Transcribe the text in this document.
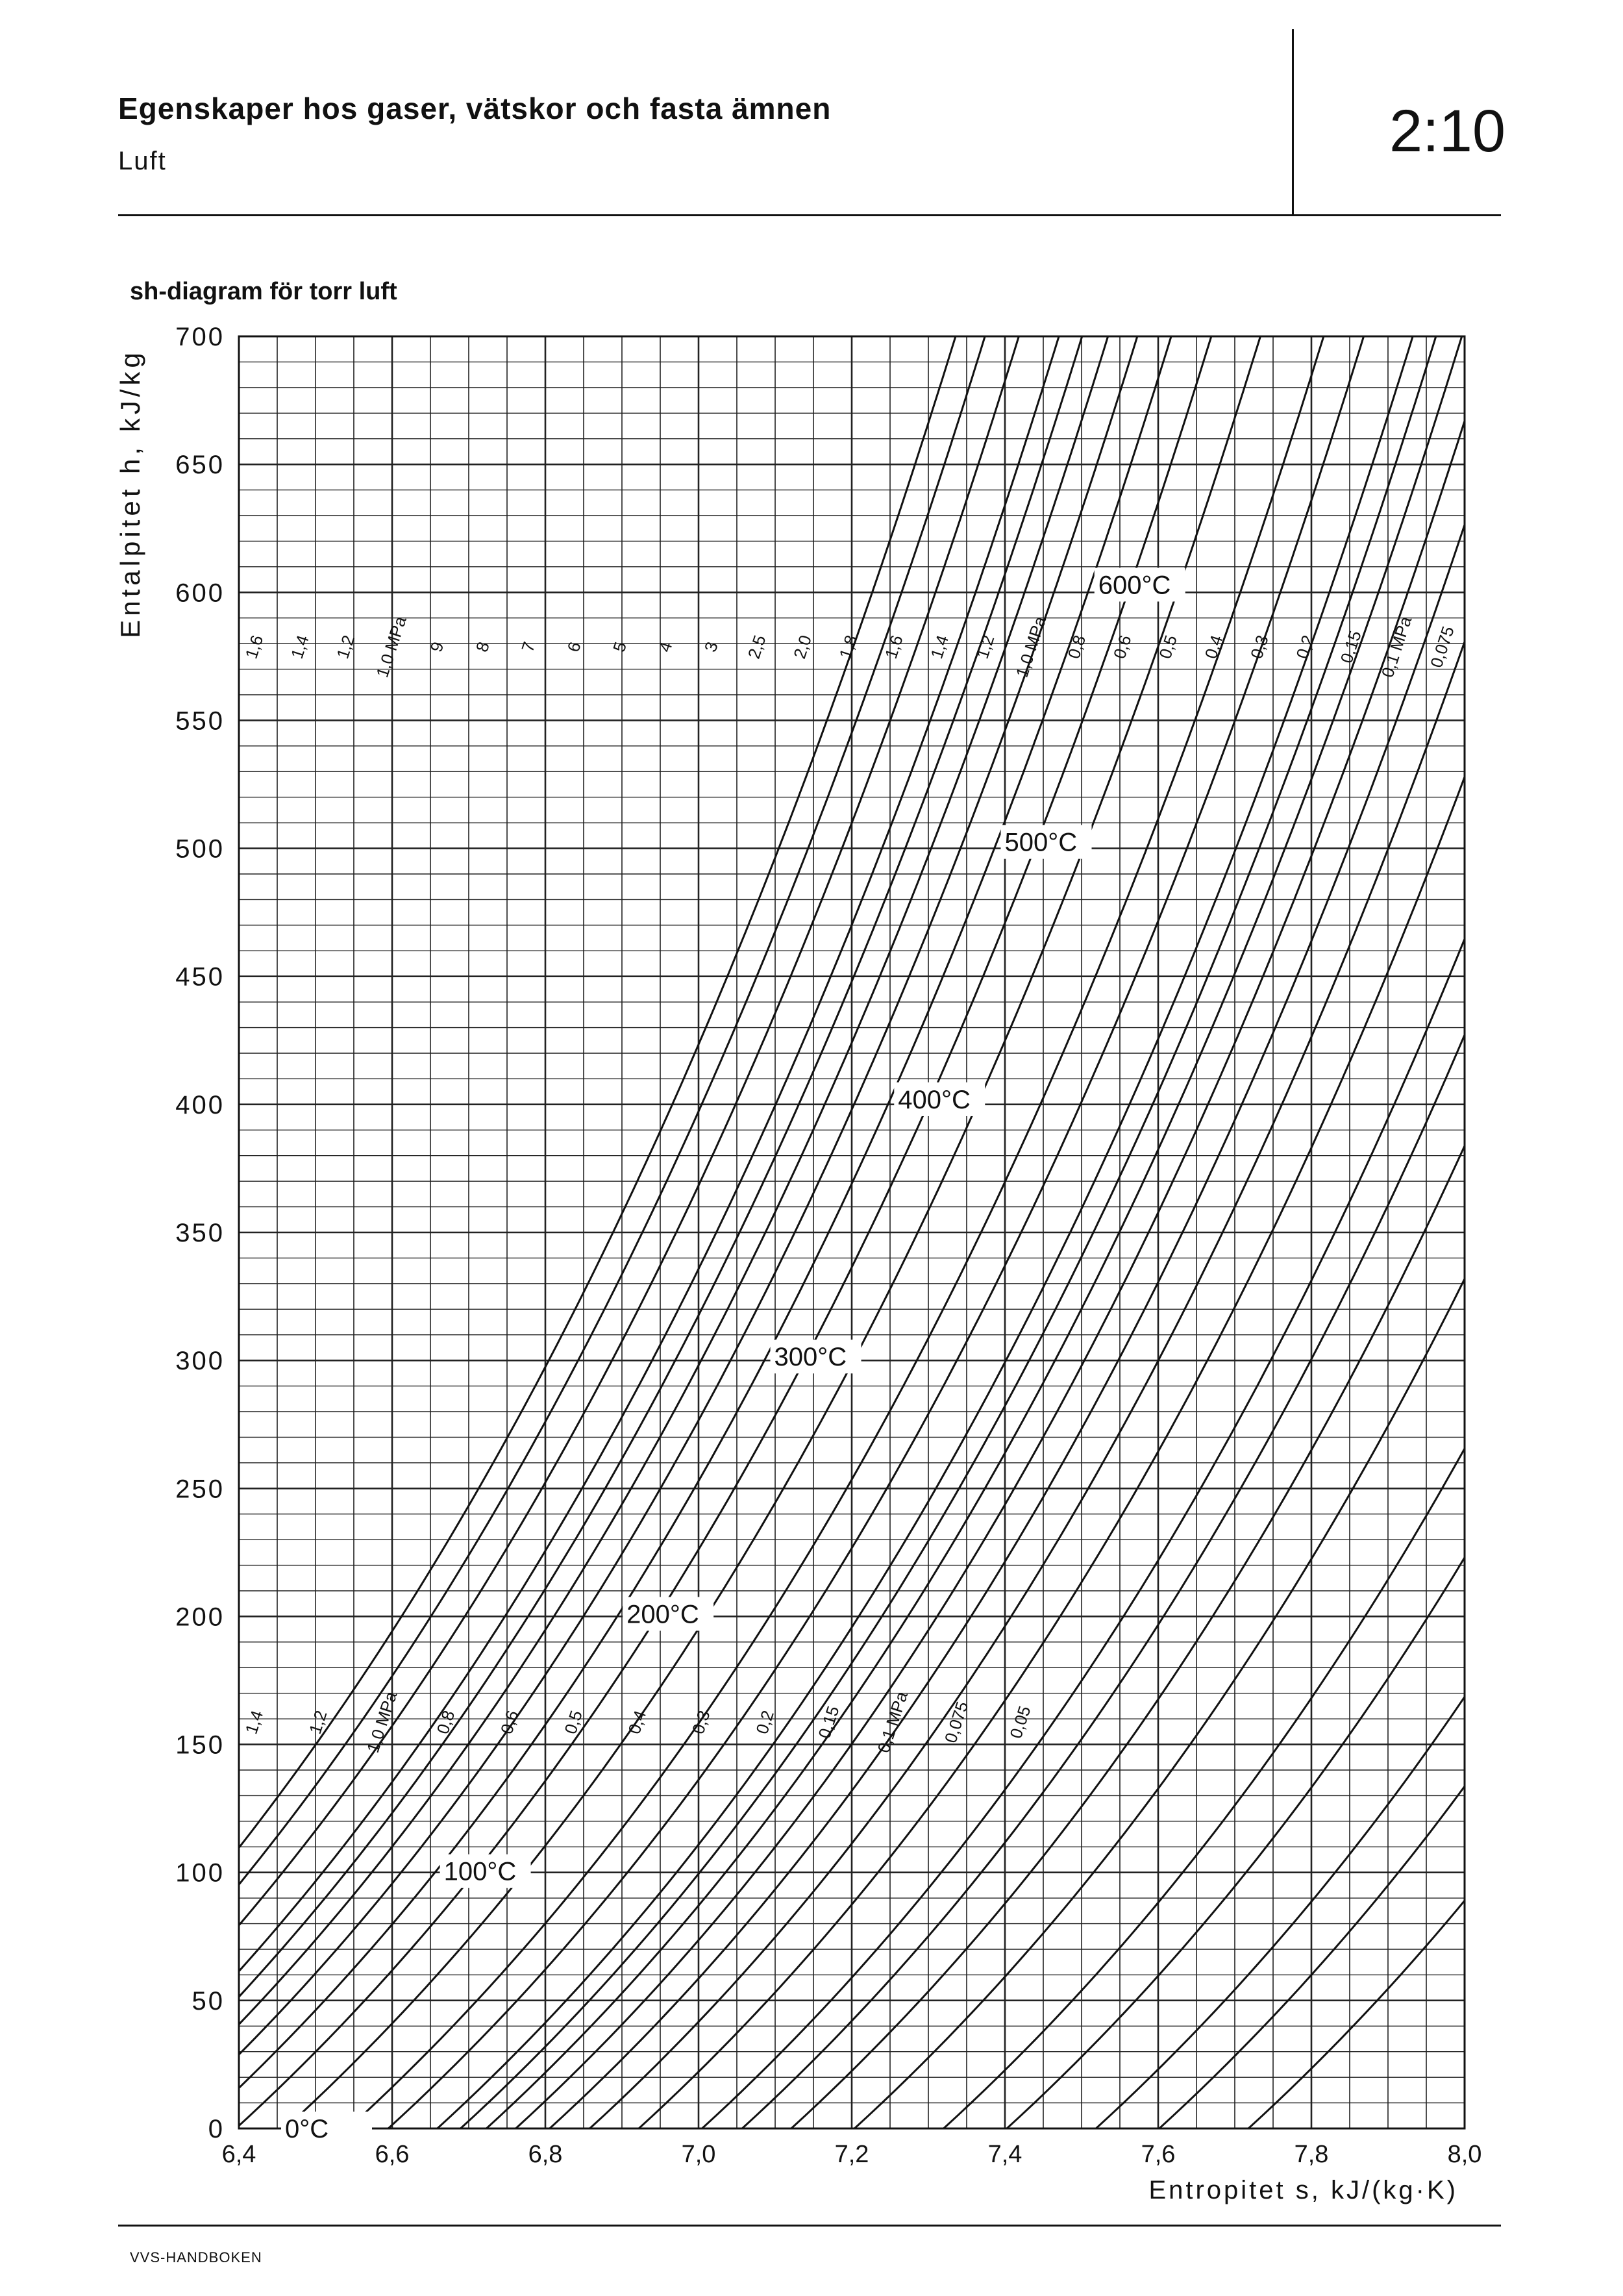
Egenskaper hos gaser, vätskor och fasta ämnen
Luft	2:10
sh-diagram för torr luft
1,6 1,4 1,2 1,0 MPa 9 8 7 6 5 4 3 2,5 2,0 1,8 1,6 1,4 1,2 1,0 MPa 0,8 0,6 0,5 0,4 0,3 0,2 0,15 0,1 MPa 0,075
1,4 1,2 1,0 MPa 0,8 0,6 0,5 0,4 0,3 0,2 0,15 0,1 MPa 0,075 0,05
0°C
100°C
200°C
300°C
400°C
500°C
600°C
6,4	6,6	6,8	7,0	7,2	7,4	7,6	7,8	8,0
0
50
100
150
200
250
300
350
400
450
500
550
600
650
700
Entalpitet h, kJ/kg
Entropitet s, kJ/(kg·K)
VVS-HANDBOKEN
